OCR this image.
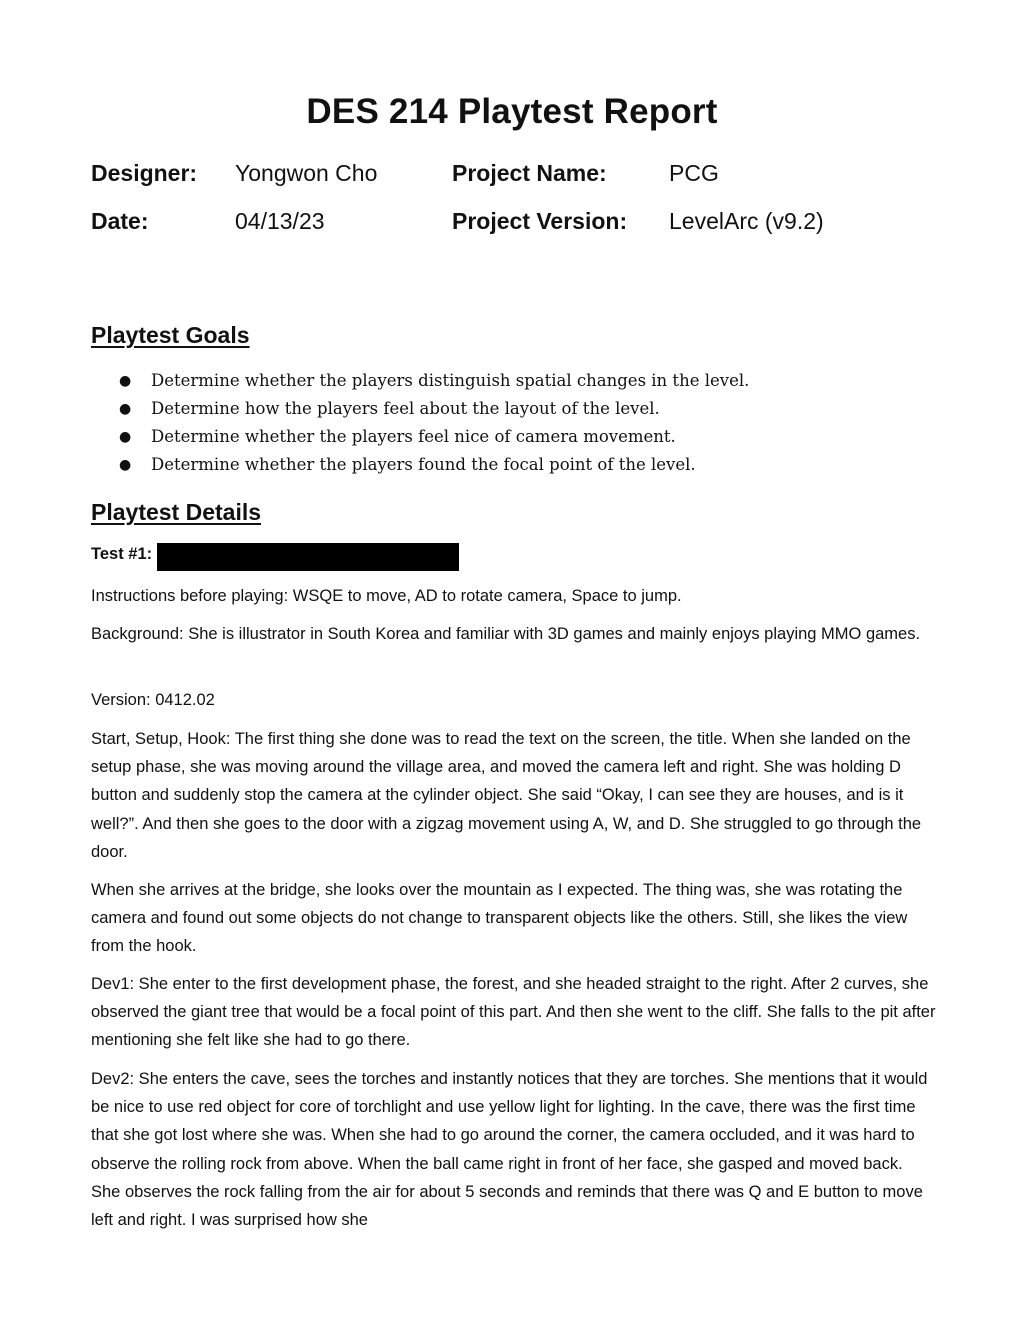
DES 214 Playtest Report
Designer: Yongwon Cho	Project Name:	PCG
Date:	04/13/23	Project Version: LevelArc (v9.2)
Playtest Goals
● Determine whether the players distinguish spatial changes in the level.
● Determine how the players feel about the layout of the level.
● Determine whether the players feel nice of camera movement.
● Determine whether the players found the focal point of the level.
Playtest Details
Test #1:

Instructions before playing: WSQE to move, AD to rotate camera, Space to jump.

Background: She is illustrator in South Korea and familiar with 3D games and mainly enjoys playing MMO games.

Version: 0412.02

Start, Setup, Hook: The first thing she done was to read the text on the screen, the title. When she landed on the setup phase, she was moving around the village area, and moved the camera left and right. She was holding D button and suddenly stop the camera at the cylinder object. She said “Okay, I can see they are houses, and is it well?”. And then she goes to the door with a zigzag movement using A, W, and D. She struggled to go through the door.

When she arrives at the bridge, she looks over the mountain as I expected. The thing was, she was rotating the camera and found out some objects do not change to transparent objects like the others. Still, she likes the view from the hook.

Dev1: She enter to the first development phase, the forest, and she headed straight to the right. After 2 curves, she observed the giant tree that would be a focal point of this part. And then she went to the cliff. She falls to the pit after mentioning she felt like she had to go there.

Dev2: She enters the cave, sees the torches and instantly notices that they are torches. She mentions that it would be nice to use red object for core of torchlight and use yellow light for lighting. In the cave, there was the first time that she got lost where she was. When she had to go around the corner, the camera occluded, and it was hard to observe the rolling rock from above. When the ball came right in front of her face, she gasped and moved back. She observes the rock falling from the air for about 5 seconds and reminds that there was Q and E button to move left and right. I was surprised how she
